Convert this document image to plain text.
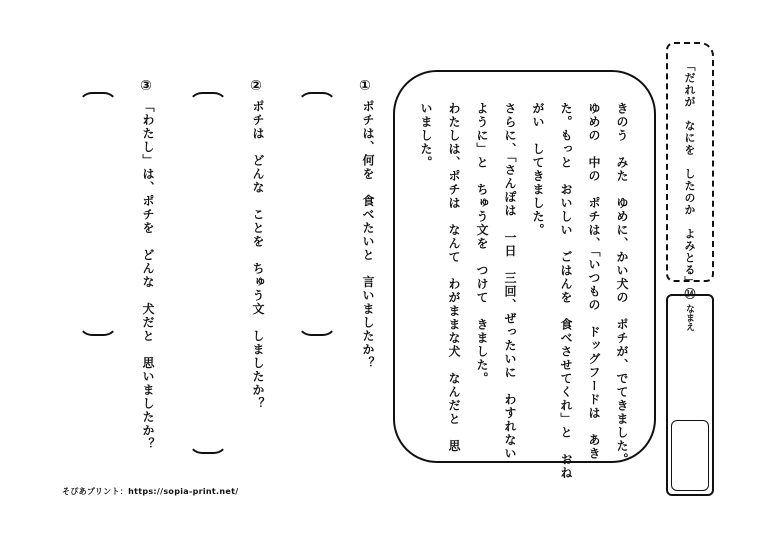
「だれが　なにを　したのか　よみとる」⑭
なまえ
きのう　みた　ゆめに、かい犬の　ポチが、でてきました。
ゆめの　中の　ポチは、「いつもの　ドッグフードは　あき
た。もっと　おいしい　ごはんを　食べさせてくれ」と　おね
がい　してきました。
さらに、「さんぽは　一日　三回、ぜったいに　わすれない
ように」と　ちゅう文を　つけて　きました。
わたしは、ポチは　なんて　わがままな犬　なんだと　思
いました。
①
ポチは、何を　食べたいと　言いましたか？
②
ポチは　どんな　ことを　ちゅう文　しましたか？
③
「わたし」は、ポチを　どんな　犬だと　思いましたか？
そぴあプリント：https://sopia-print.net/
